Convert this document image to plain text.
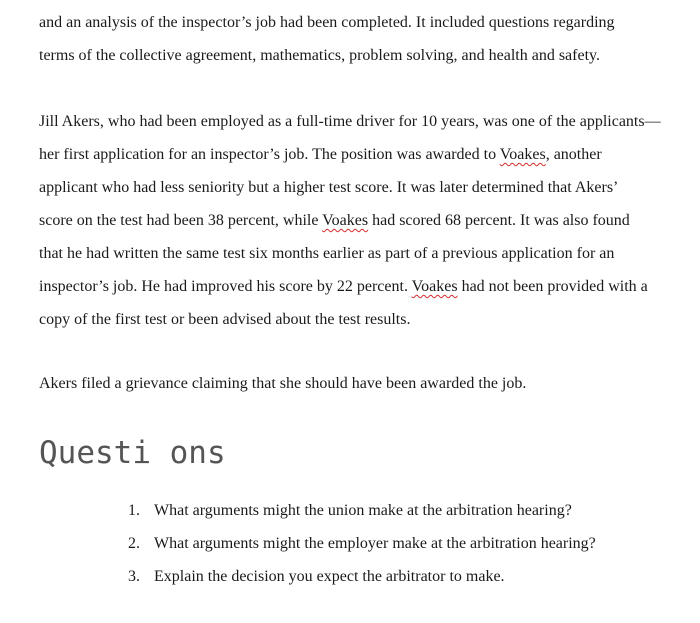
and an analysis of the inspector’s job had been completed. It included questions regarding
terms of the collective agreement, mathematics, problem solving, and health and safety.

Jill Akers, who had been employed as a full-time driver for 10 years, was one of the applicants—
her first application for an inspector’s job. The position was awarded to Voakes, another
applicant who had less seniority but a higher test score. It was later determined that Akers’
score on the test had been 38 percent, while Voakes had scored 68 percent. It was also found
that he had written the same test six months earlier as part of a previous application for an
inspector’s job. He had improved his score by 22 percent. Voakes had not been provided with a
copy of the first test or been advised about the test results.

Akers filed a grievance claiming that she should have been awarded the job.

Questi ons
1. What arguments might the union make at the arbitration hearing?
2. What arguments might the employer make at the arbitration hearing?
3. Explain the decision you expect the arbitrator to make.
